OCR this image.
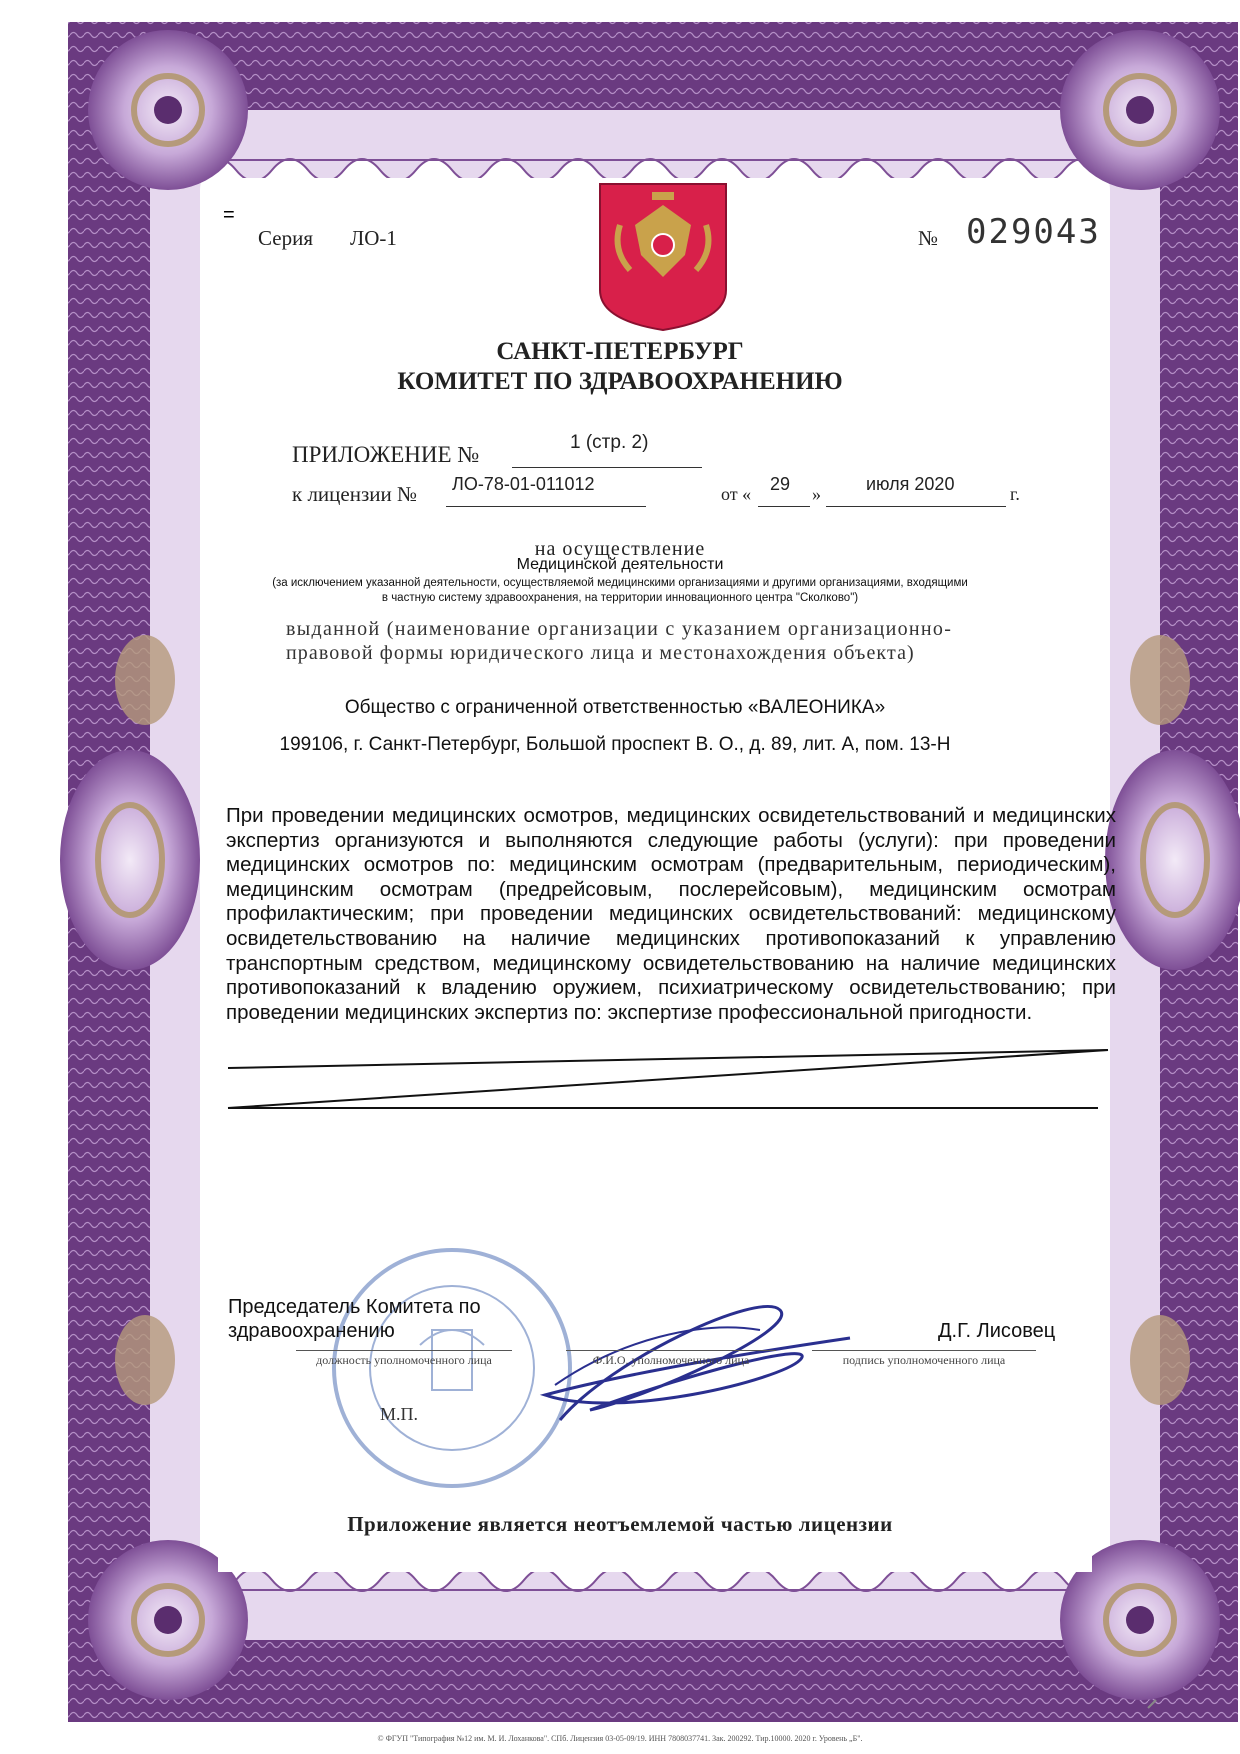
=
Серия ЛО-1	№ 029043
САНКТ-ПЕТЕРБУРГ
КОМИТЕТ ПО ЗДРАВООХРАНЕНИЮ
ПРИЛОЖЕНИЕ №	1 (стр. 2)
к лицензии № ЛО-78-01-011012	от « 29 »	июля 2020	г.
на осуществление
Медицинской деятельности
(за исключением указанной деятельности, осуществляемой медицинскими организациями и другими организациями, входящими
в частную систему здравоохранения, на территории инновационного центра "Сколково")
выданной (наименование организации с указанием организационно-
правовой формы юридического лица и местонахождения объекта)
Общество с ограниченной ответственностью «ВАЛЕОНИКА»
199106, г. Санкт-Петербург, Большой проспект В. О., д. 89, лит. А, пом. 13-Н
При проведении медицинских осмотров, медицинских освидетельствований и медицинских экспертиз организуются и выполняются следующие работы (услуги): при проведении медицинских осмотров по: медицинским осмотрам (предварительным, периодическим), медицинским осмотрам (предрейсовым, послерейсовым), медицинским осмотрам профилактическим; при проведении медицинских освидетельствований: медицинскому освидетельствованию на наличие медицинских противопоказаний к управлению транспортным средством, медицинскому освидетельствованию на наличие медицинских противопоказаний к владению оружием, психиатрическому освидетельствованию; при проведении медицинских экспертиз по: экспертизе профессиональной пригодности.
Председатель Комитета по
здравоохранению	Д.Г. Лисовец
должность уполномоченного лица	Ф.И.О. уполномоченного лица	подпись уполномоченного лица
М.П.
Приложение является неотъемлемой частью лицензии
© ФГУП "Типография №12 им. М. И. Лоханкова". СПб. Лицензия 03-05-09/19. ИНН 7808037741. Зак. 200292. Тир.10000. 2020 г. Уровень „Б".
